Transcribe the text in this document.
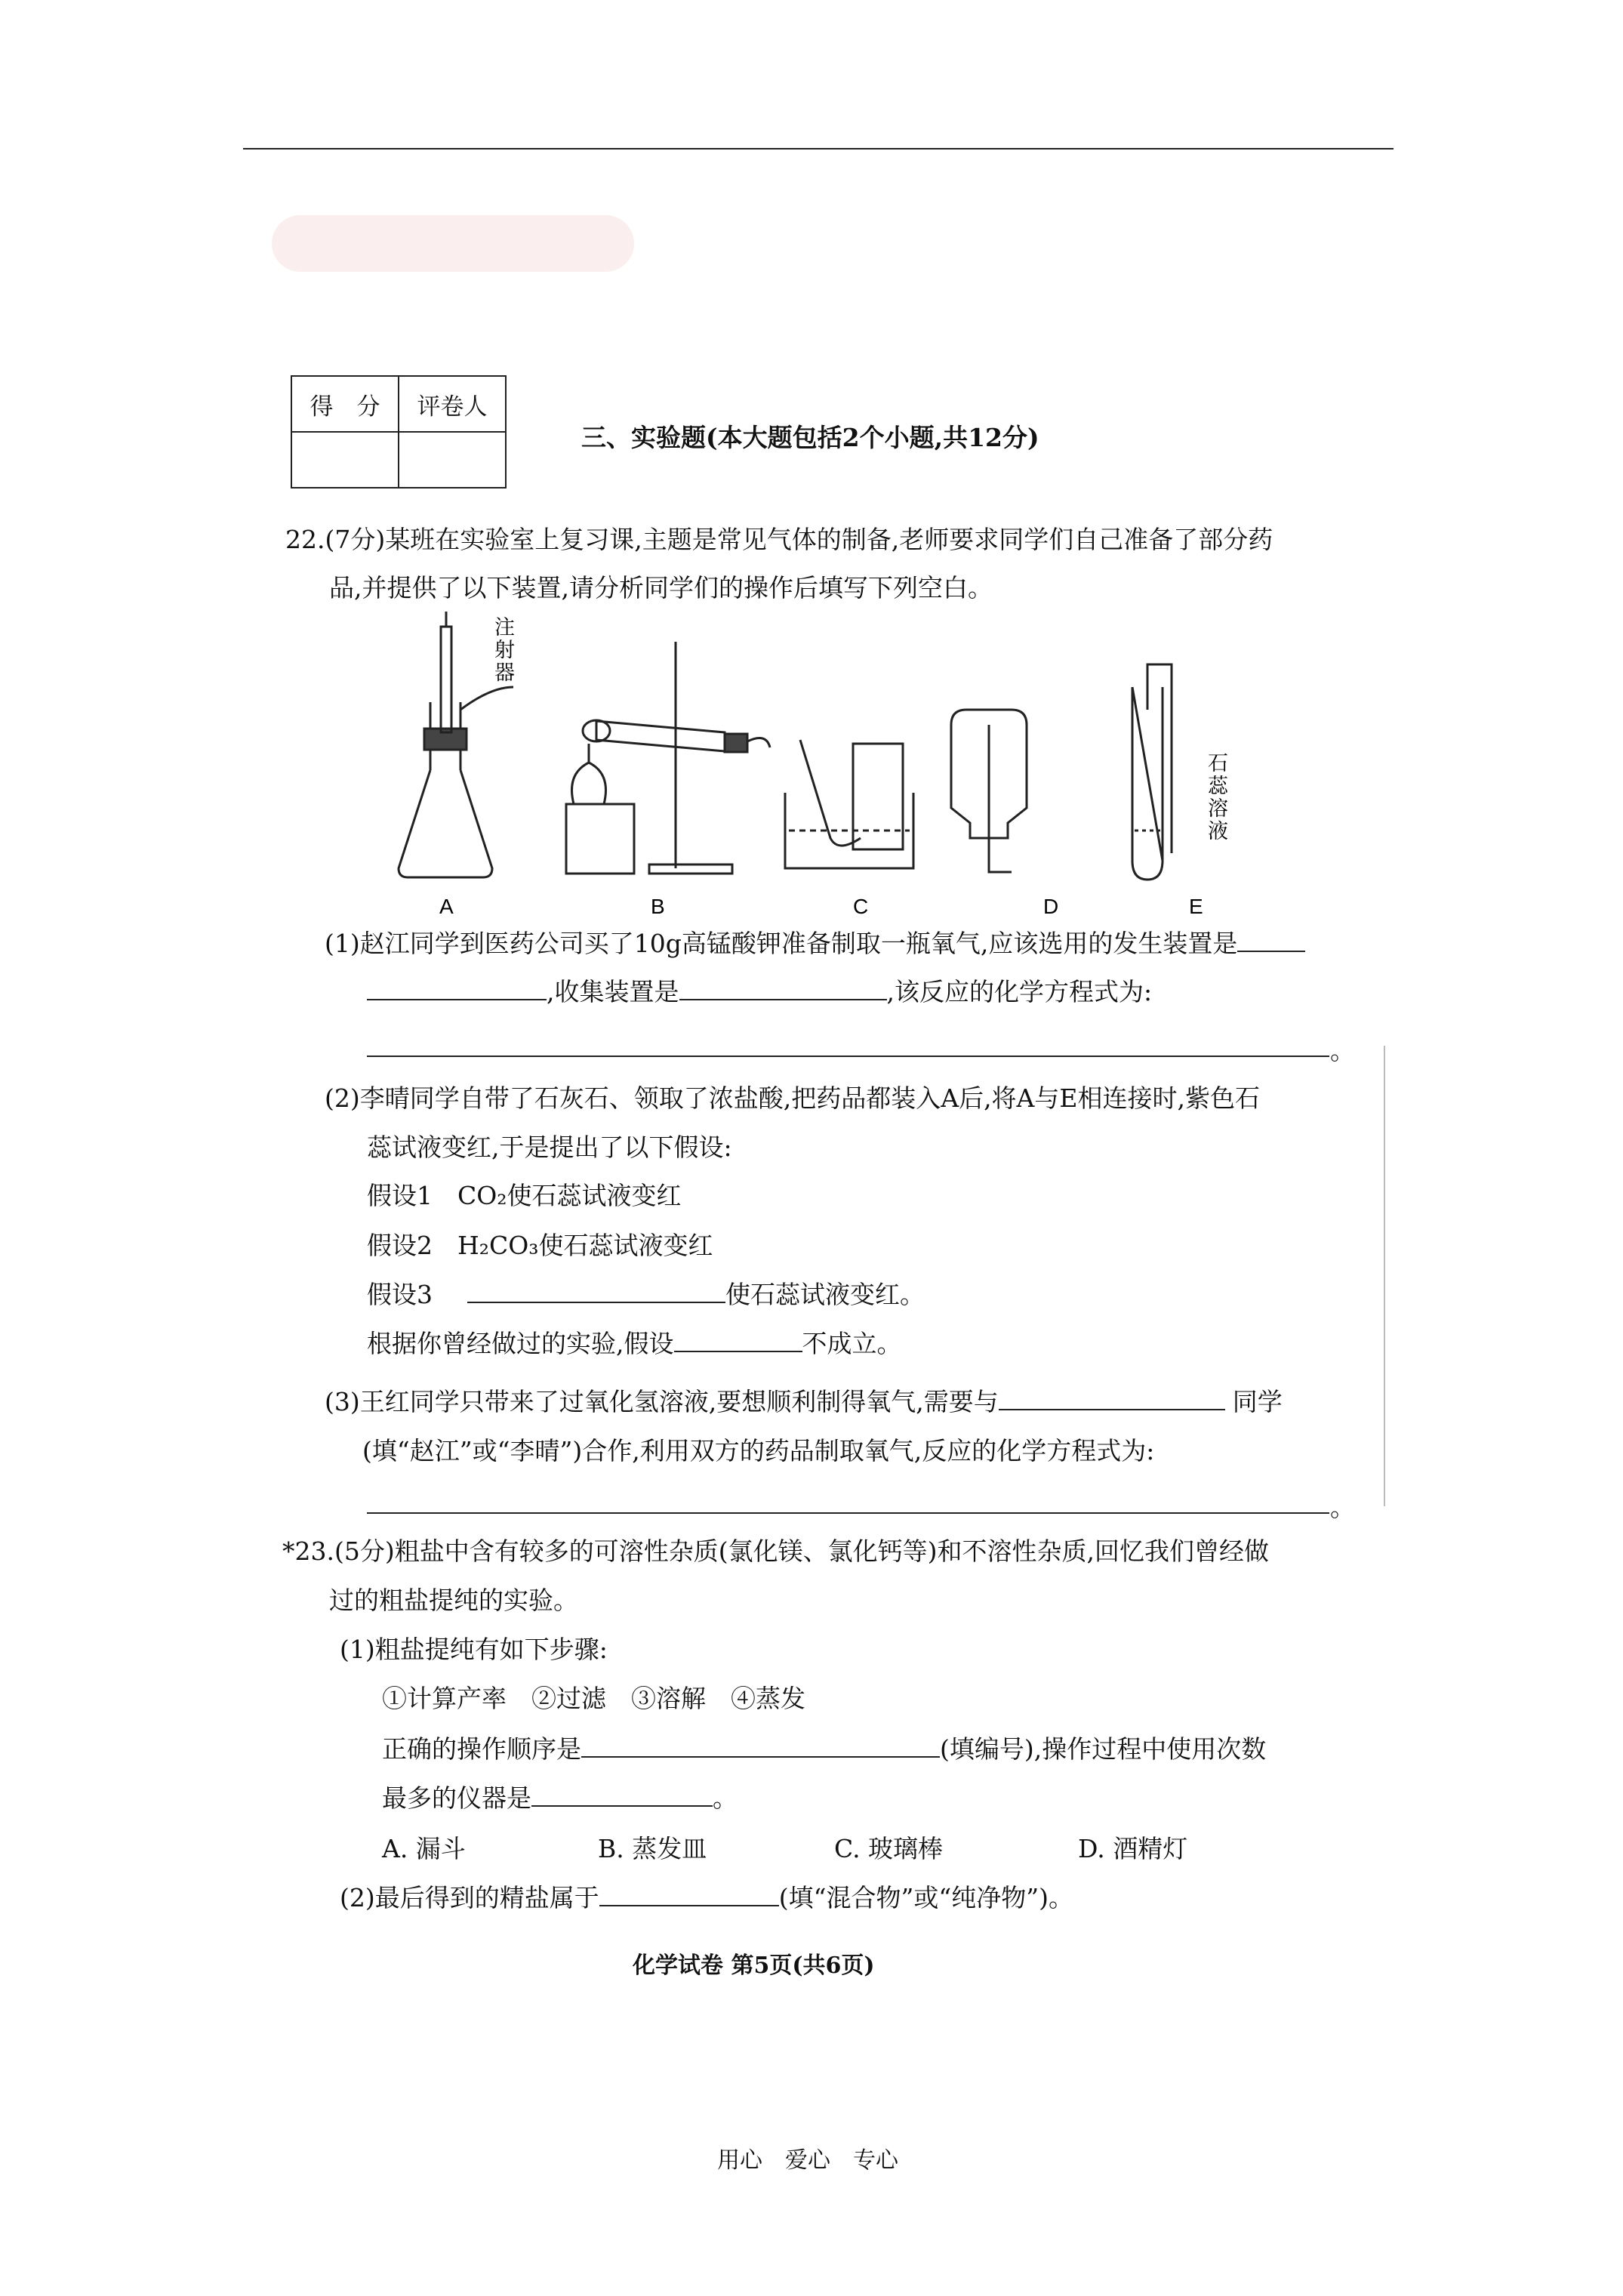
得　分	评卷人

三、实验题(本大题包括2个小题,共12分)
22.(7分)某班在实验室上复习课,主题是常见气体的制备,老师要求同学们自己准备了部分药
品,并提供了以下装置,请分析同学们的操作后填写下列空白。
注
射
器
石
蕊
溶
液
A	B	C	D	E
(1)赵江同学到医药公司买了10g高锰酸钾准备制取一瓶氧气,应该选用的发生装置是
,收集装置是	,该反应的化学方程式为:
。
(2)李晴同学自带了石灰石、领取了浓盐酸,把药品都装入A后,将A与E相连接时,紫色石
蕊试液变红,于是提出了以下假设:
假设1　CO₂使石蕊试液变红
假设2　H₂CO₃使石蕊试液变红
假设3	使石蕊试液变红。
根据你曾经做过的实验,假设	不成立。
(3)王红同学只带来了过氧化氢溶液,要想顺利制得氧气,需要与	同学
(填“赵江”或“李晴”)合作,利用双方的药品制取氧气,反应的化学方程式为:
。
*23.(5分)粗盐中含有较多的可溶性杂质(氯化镁、氯化钙等)和不溶性杂质,回忆我们曾经做
过的粗盐提纯的实验。
(1)粗盐提纯有如下步骤:
①计算产率　②过滤　③溶解　④蒸发
正确的操作顺序是	(填编号),操作过程中使用次数
最多的仪器是	。
A. 漏斗	B. 蒸发皿	C. 玻璃棒	D. 酒精灯
(2)最后得到的精盐属于	(填“混合物”或“纯净物”)。
化学试卷 第5页(共6页)
用心　爱心　专心
